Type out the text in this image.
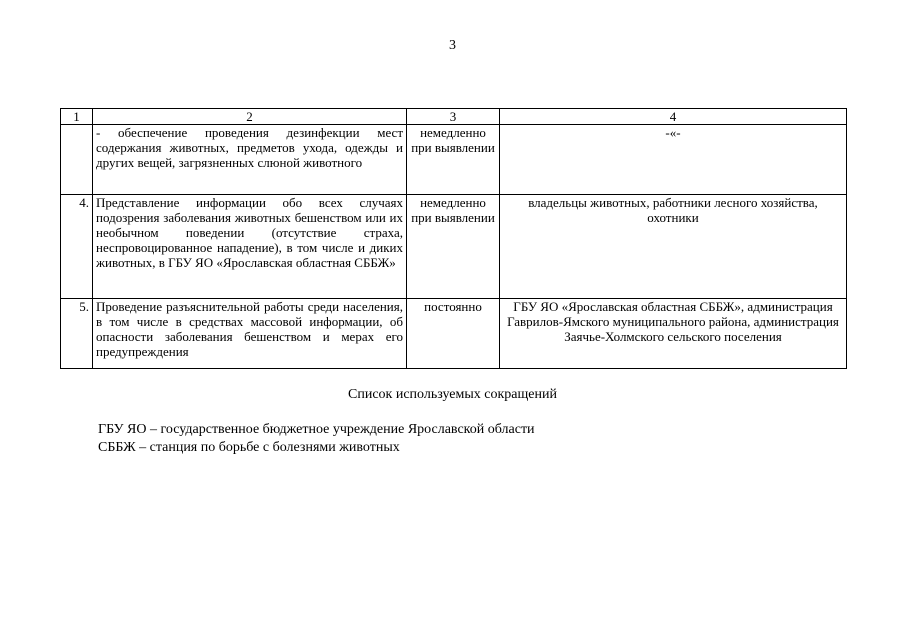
3
1	2	3	4
	- обеспечение проведения дезинфекции мест содержания животных, предметов ухода, одежды и других вещей, загрязненных слюной животного	немедленно при выявлении	-«-
4.	Представление информации обо всех случаях подозрения заболевания животных бешенством или их необычном поведении (отсутствие страха, неспровоцированное нападение), в том числе и диких животных, в ГБУ ЯО «Ярославская областная СББЖ»	немедленно при выявлении	владельцы животных, работники лесного хозяйства, охотники
5.	Проведение разъяснительной работы среди населения, в том числе в средствах массовой информации, об опасности заболевания бешенством и мерах его предупреждения	постоянно	ГБУ ЯО «Ярославская областная СББЖ», администрация Гаврилов-Ямского муниципального района, администрация Заячье-Холмского сельского поселения
Список используемых сокращений
ГБУ ЯО – государственное бюджетное учреждение Ярославской области
СББЖ – станция по борьбе с болезнями животных
